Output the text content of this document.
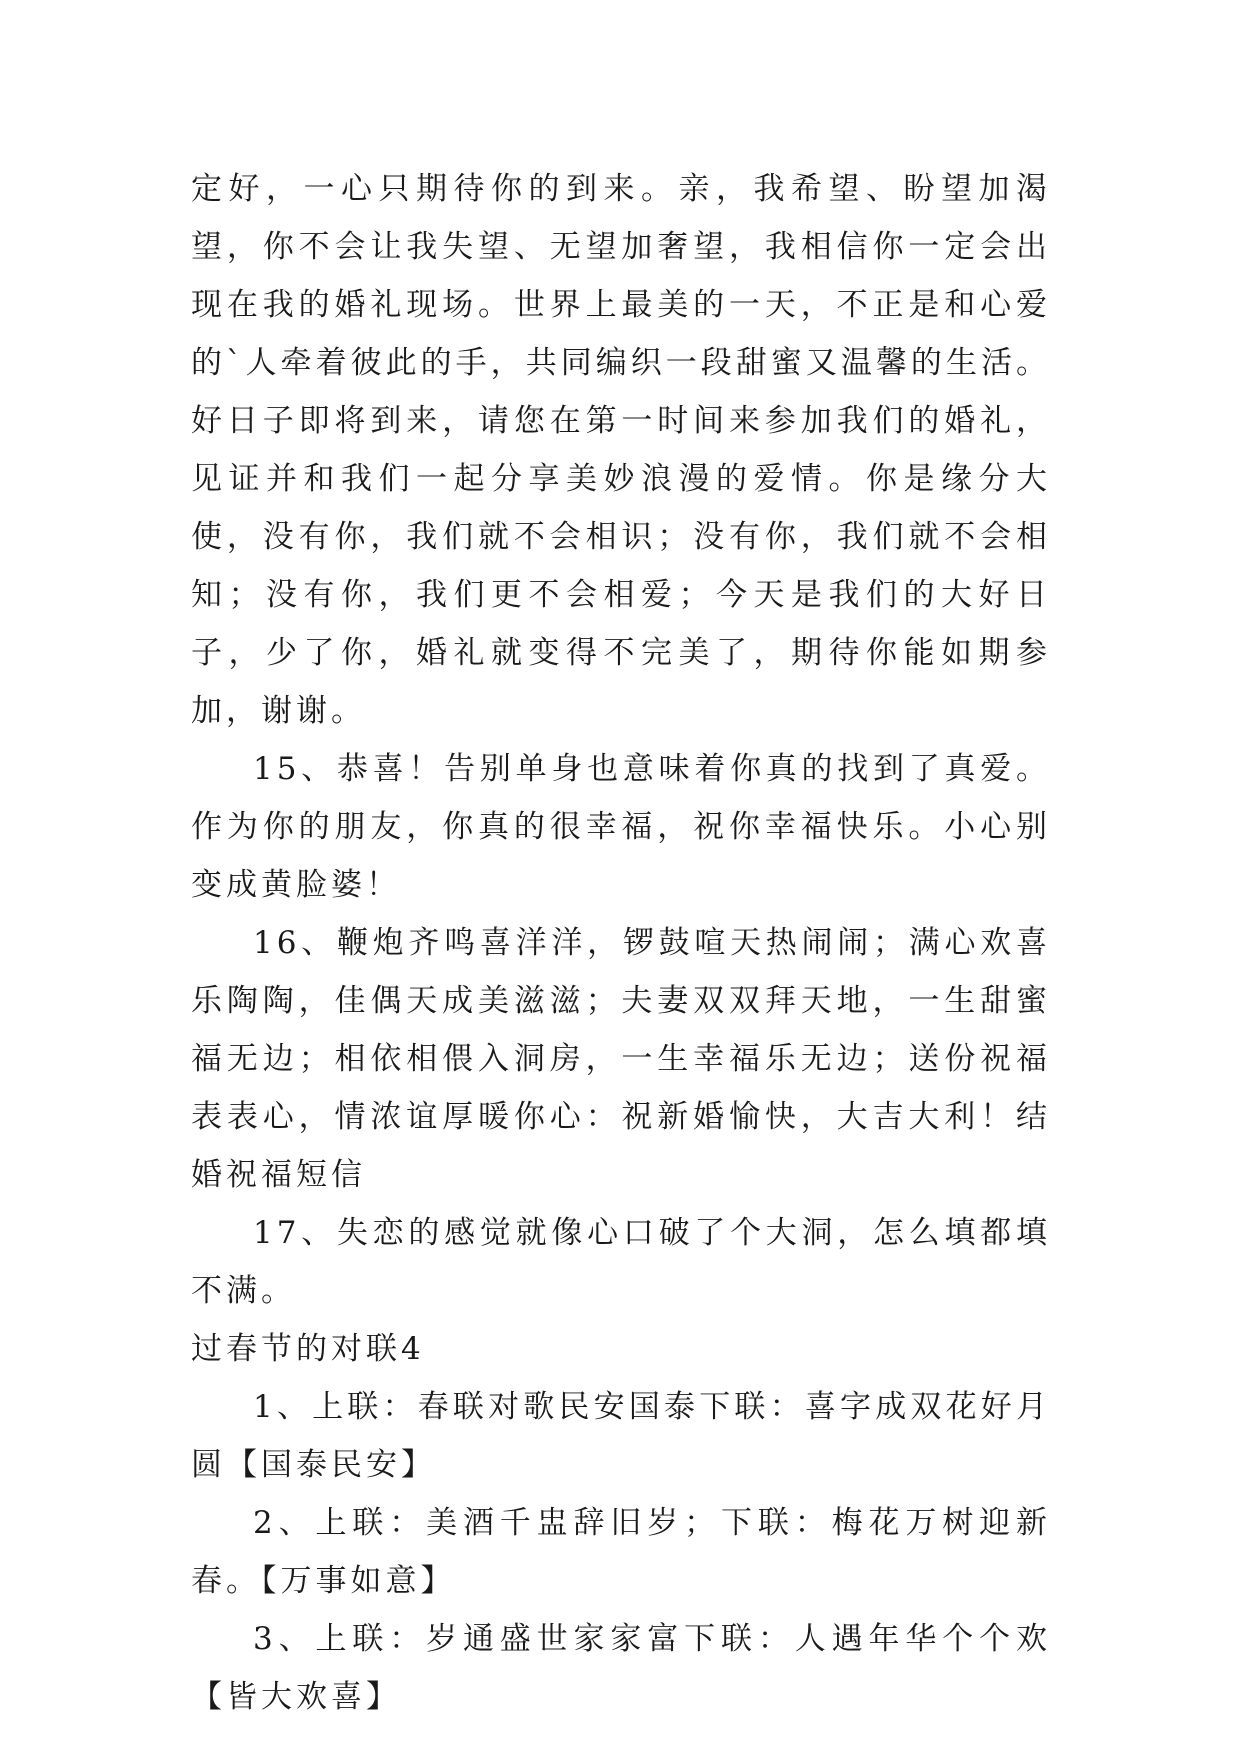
定好，一心只期待你的到来。亲，我希望、盼望加渴望，你不会让我失望、无望加奢望，我相信你一定会出现在我的婚礼现场。世界上最美的一天，不正是和心爱的`人牵着彼此的手，共同编织一段甜蜜又温馨的生活。好日子即将到来，请您在第一时间来参加我们的婚礼，见证并和我们一起分享美妙浪漫的爱情。你是缘分大使，没有你，我们就不会相识；没有你，我们就不会相知；没有你，我们更不会相爱；今天是我们的大好日子，少了你，婚礼就变得不完美了，期待你能如期参加，谢谢。

15、恭喜！告别单身也意味着你真的找到了真爱。作为你的朋友，你真的很幸福，祝你幸福快乐。小心别变成黄脸婆！

16、鞭炮齐鸣喜洋洋，锣鼓喧天热闹闹；满心欢喜乐陶陶，佳偶天成美滋滋；夫妻双双拜天地，一生甜蜜福无边；相依相偎入洞房，一生幸福乐无边；送份祝福表表心，情浓谊厚暖你心：祝新婚愉快，大吉大利！结婚祝福短信

17、失恋的感觉就像心口破了个大洞，怎么填都填不满。

过春节的对联4

1、上联：春联对歌民安国泰下联：喜字成双花好月圆【国泰民安】

2、上联：美酒千盅辞旧岁；下联：梅花万树迎新春。【万事如意】

3、上联：岁通盛世家家富下联：人遇年华个个欢【皆大欢喜】
